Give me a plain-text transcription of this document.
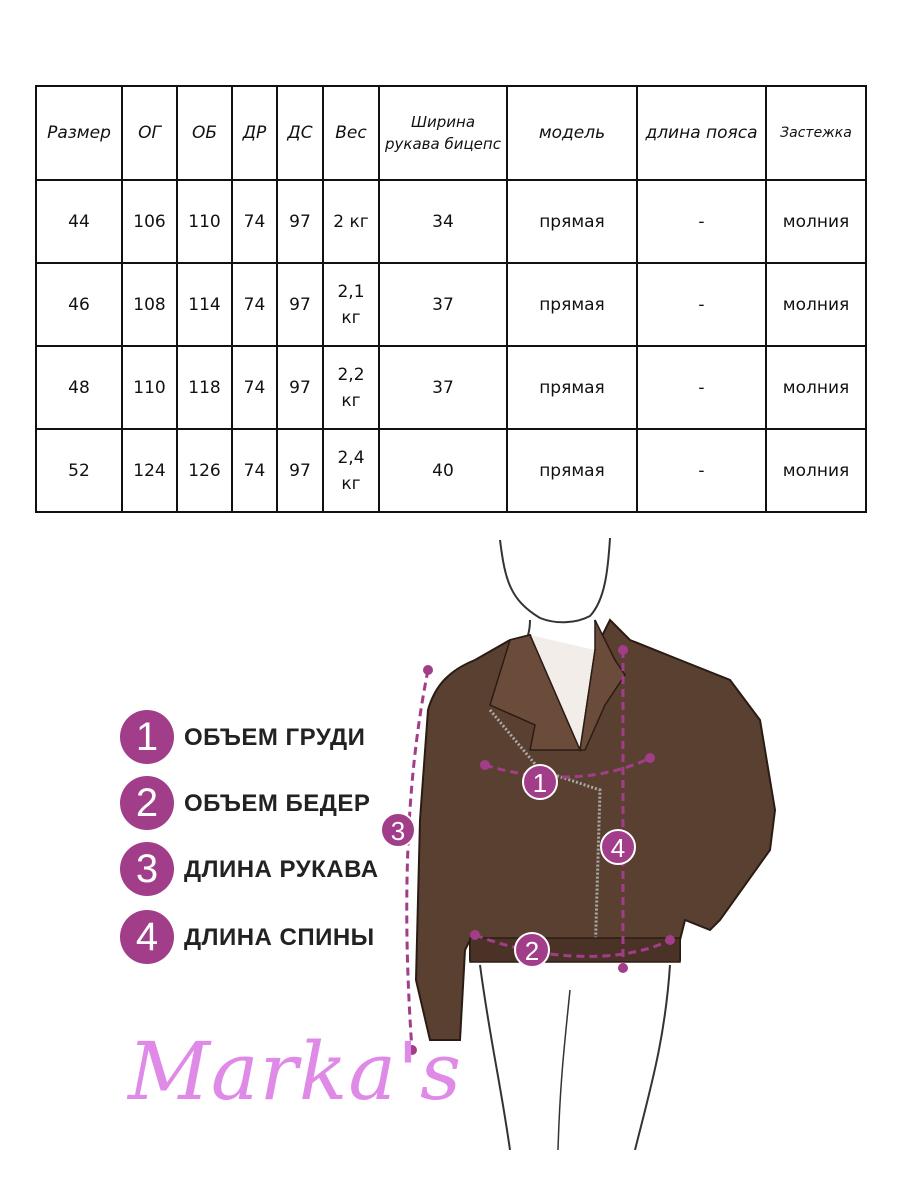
Размер	ОГ	ОБ	ДР	ДС	Вес	Ширина рукава бицепс	модель	длина пояса	Застежка
44	106	110	74	97	2 кг	34	прямая	-	молния
46	108	114	74	97	2,1 кг	37	прямая	-	молния
48	110	118	74	97	2,2 кг	37	прямая	-	молния
52	124	126	74	97	2,4 кг	40	прямая	-	молния
1	ОБЪЕМ ГРУДИ
2	ОБЪЕМ БЕДЕР
3	ДЛИНА РУКАВА
4	ДЛИНА СПИНЫ
1
2
3
4
Marka's
